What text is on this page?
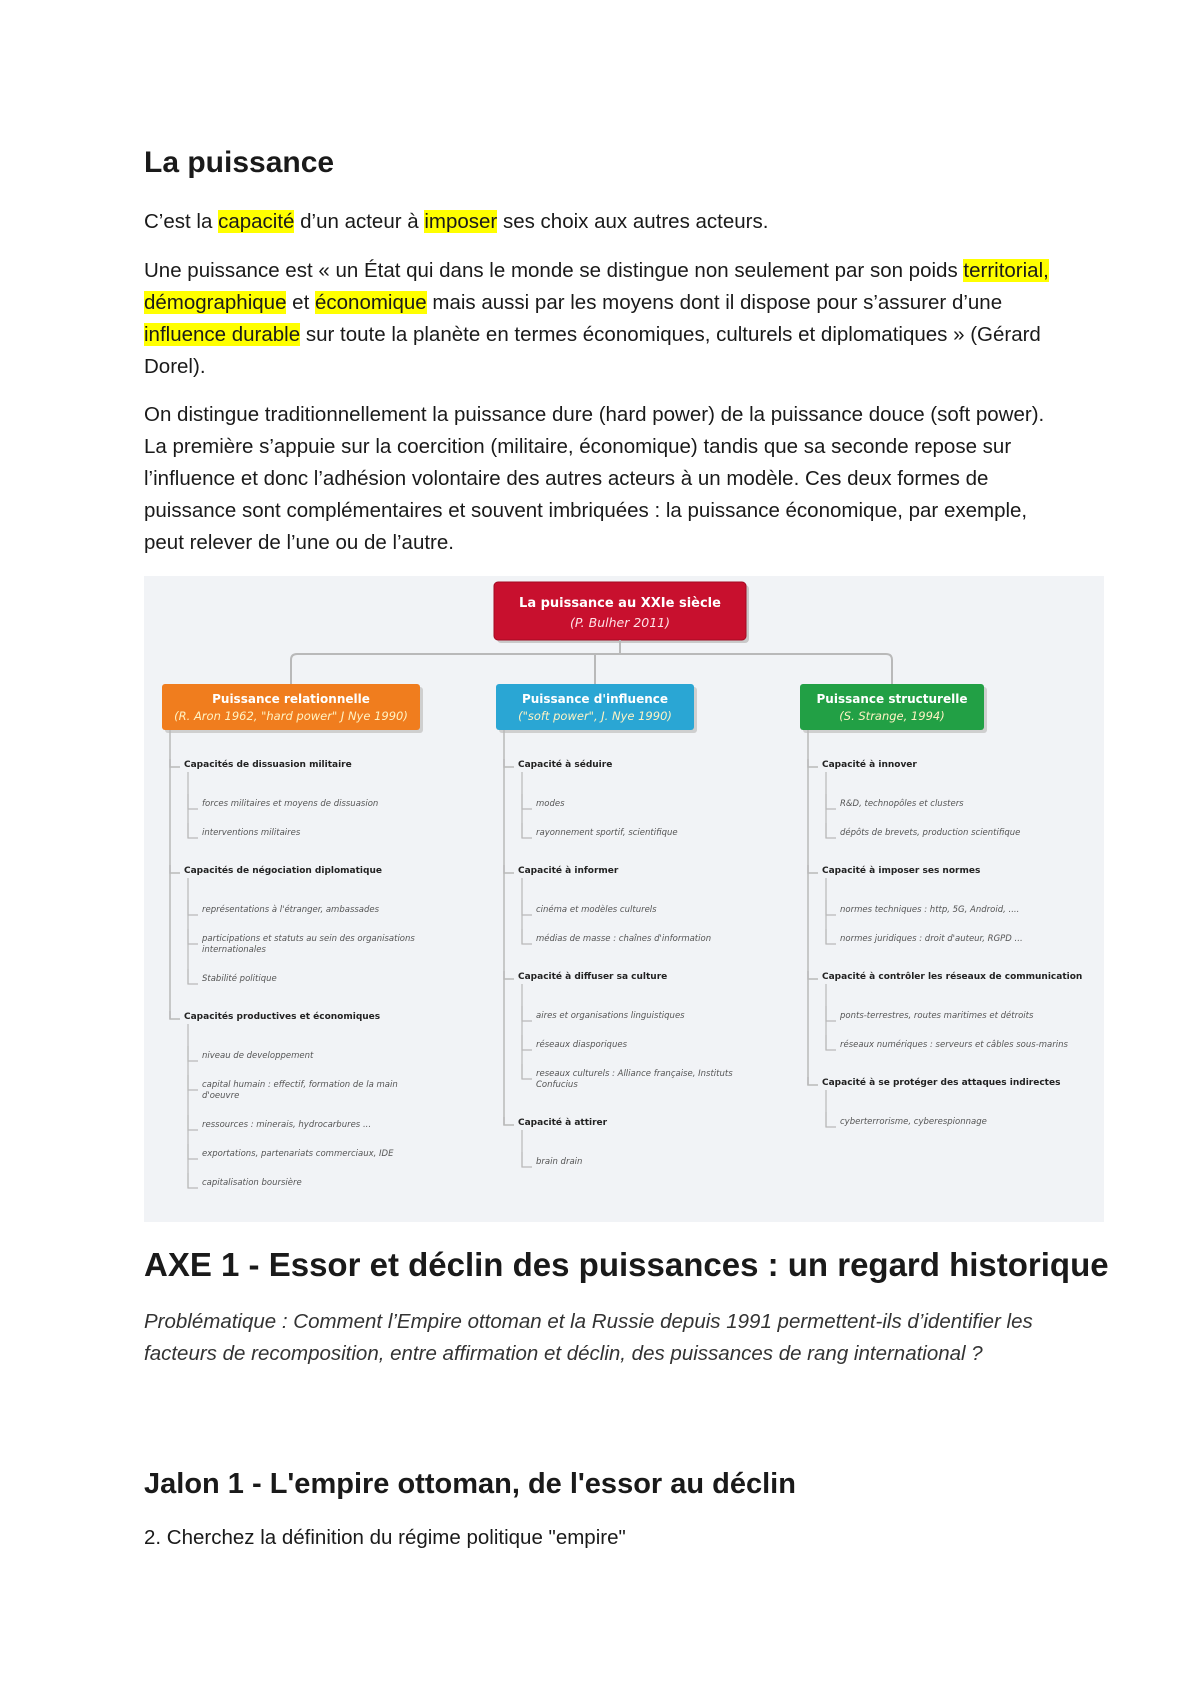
La puissance

C’est la capacité d’un acteur à imposer ses choix aux autres acteurs.

Une puissance est « un État qui dans le monde se distingue non seulement par son poids territorial, démographique et économique mais aussi par les moyens dont il dispose pour s’assurer d’une influence durable sur toute la planète en termes économiques, culturels et diplomatiques » (Gérard Dorel).

On distingue traditionnellement la puissance dure (hard power) de la puissance douce (soft power). La première s’appuie sur la coercition (militaire, économique) tandis que sa seconde repose sur l’influence et donc l’adhésion volontaire des autres acteurs à un modèle. Ces deux formes de puissance sont complémentaires et souvent imbriquées : la puissance économique, par exemple, peut relever de l’une ou de l’autre.

La puissance au XXIe siècle
(P. Bulher 2011)
Puissance relationnelle
(R. Aron 1962, "hard power" J Nye 1990)
Capacités de dissuasion militaire
forces militaires et moyens de dissuasion
interventions militaires
Capacités de négociation diplomatique
représentations à l'étranger, ambassades
participations et statuts au sein des organisations
internationales
Stabilité politique
Capacités productives et économiques
niveau de developpement
capital humain : effectif, formation de la main
d'oeuvre
ressources : minerais, hydrocarbures ...
exportations, partenariats commerciaux, IDE
capitalisation boursière
Puissance d'influence
("soft power", J. Nye 1990)
Capacité à séduire
modes
rayonnement sportif, scientifique
Capacité à informer
cinéma et modèles culturels
médias de masse : chaînes d'information
Capacité à diffuser sa culture
aires et organisations linguistiques
réseaux diasporiques
reseaux culturels : Alliance française, Instituts
Confucius
Capacité à attirer
brain drain
Puissance structurelle
(S. Strange, 1994)
Capacité à innover
R&D, technopôles et clusters
dépôts de brevets, production scientifique
Capacité à imposer ses normes
normes techniques : http, 5G, Android, ....
normes juridiques : droit d'auteur, RGPD ...
Capacité à contrôler les réseaux de communication
ponts-terrestres, routes maritimes et détroits
réseaux numériques : serveurs et câbles sous-marins
Capacité à se protéger des attaques indirectes
cyberterrorisme, cyberespionnage
AXE 1 - Essor et déclin des puissances : un regard historique

Problématique : Comment l’Empire ottoman et la Russie depuis 1991 permettent-ils d’identifier les facteurs de recomposition, entre affirmation et déclin, des puissances de rang international ?

Jalon 1 - L'empire ottoman, de l'essor au déclin

2. Cherchez la définition du régime politique "empire"
